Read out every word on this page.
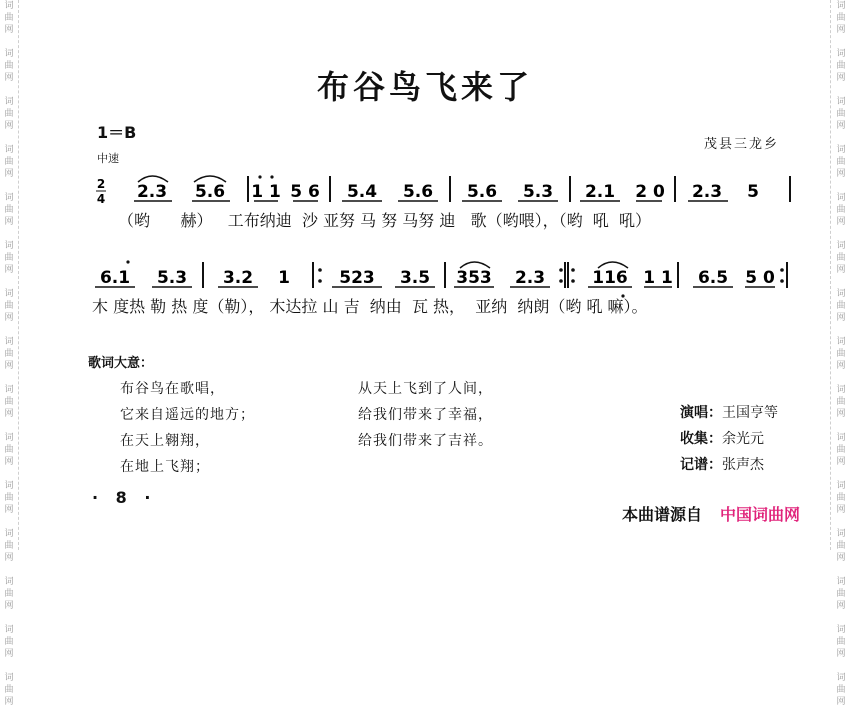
词
曲
网

词
曲
网

词
曲
网

词
曲
网

词
曲
网

词
曲
网

词
曲
网

词
曲
网

词
曲
网

词
曲
网

词
曲
网

词
曲
网

词
曲
网

词
曲
网

词
曲
网

词
曲
网

词
曲
网

词
曲
网

词
曲
网

词
曲
网

词
曲
网

词
曲
网

词
曲
网

词
曲
网

词
曲
网

词
曲
网

词
曲
网

词
曲
网

词
曲
网

词
曲
网

布谷鸟飞来了
1＝B
中速
茂县三龙乡
2
4 2.3 5.6 1 1 5 6 5.4 5.6 5.6 5.3 2.1 2 0 2.3 5
6.1 5.3 3.2 1	523 3.5 353 2.3	116 1 1 6.5 5 0
（哟      赫）   工布纳迪  沙 亚努 马 努 马努 迪   歌（哟喂），（哟  吼  吼）
木 度热 勒 热 度（勒）， 木达拉 山 吉  纳由  瓦 热，  亚纳  纳朗（哟 吼 嘛）。
歌词大意：
布谷鸟在歌唱，
它来自遥远的地方；
在天上翱翔，
在地上飞翔；
从天上飞到了人间，
给我们带来了幸福，
给我们带来了吉祥。
演唱：王国亨等
收集：余光元
记谱：张声杰
· 8 ·
本曲谱源自 中国词曲网
